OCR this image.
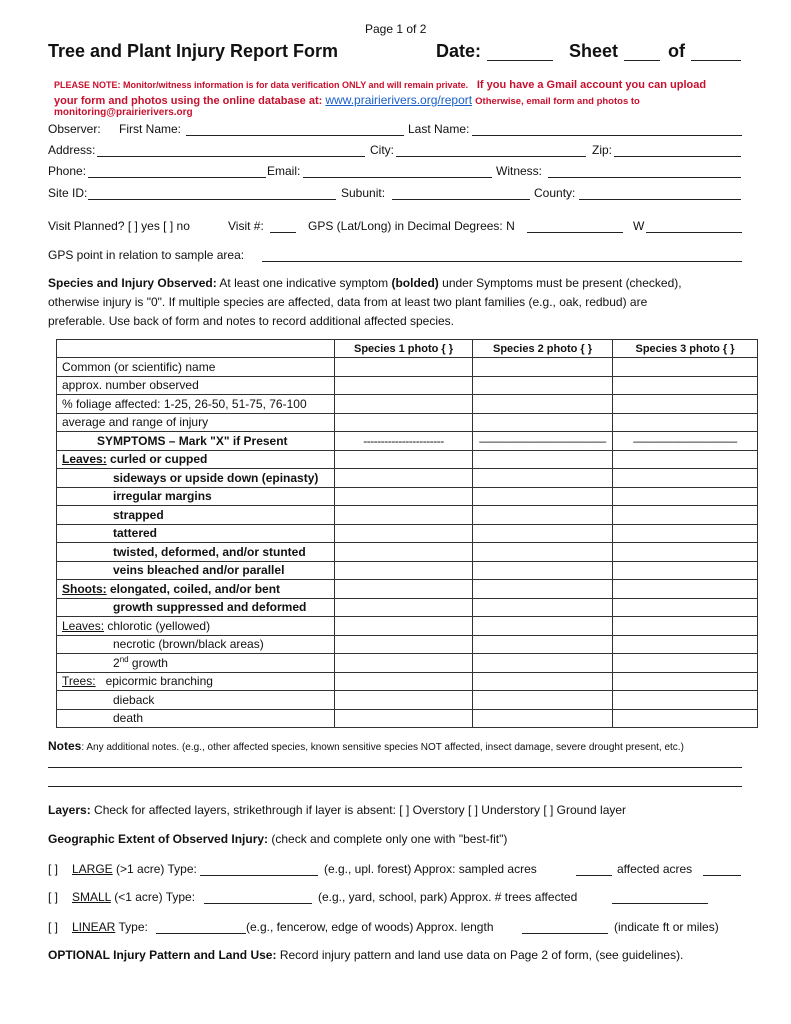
Page 1 of 2
Tree and Plant Injury Report Form	Date:	Sheet	of
PLEASE NOTE: Monitor/witness information is for data verification ONLY and will remain private. If you have a Gmail account you can upload
your form and photos using the online database at: www.prairierivers.org/report Otherwise, email form and photos to
monitoring@prairierivers.org
Observer: First Name:	Last Name:
Address:	City:	Zip:
Phone:	Email:	Witness:
Site ID:	Subunit:	County:
Visit Planned? [ ] yes [ ] no	Visit #:	GPS (Lat/Long) in Decimal Degrees: N	W
GPS point in relation to sample area:
Species and Injury Observed: At least one indicative symptom (bolded) under Symptoms must be present (checked),
otherwise injury is "0". If multiple species are affected, data from at least two plant families (e.g., oak, redbud) are
preferable. Use back of form and notes to record additional affected species.
	Species 1 photo { }	Species 2 photo { }	Species 3 photo { }
Common (or scientific) name			
approx. number observed			
% foliage affected: 1-25, 26-50, 51-75, 76-100			
average and range of injury			
SYMPTOMS – Mark "X" if Present	-----------------------	———————————	—————————
Leaves: curled or cupped			
sideways or upside down (epinasty)			
irregular margins			
strapped			
tattered			
twisted, deformed, and/or stunted			
veins bleached and/or parallel			
Shoots: elongated, coiled, and/or bent			
growth suppressed and deformed			
Leaves: chlorotic (yellowed)			
necrotic (brown/black areas)			
2nd growth			
Trees: epicormic branching			
dieback			
death			
Notes: Any additional notes. (e.g., other affected species, known sensitive species NOT affected, insect damage, severe drought present, etc.)
Layers: Check for affected layers, strikethrough if layer is absent: [ ] Overstory [ ] Understory [ ] Ground layer
Geographic Extent of Observed Injury: (check and complete only one with "best-fit")
[ ] LARGE (>1 acre) Type:	(e.g., upl. forest) Approx: sampled acres	affected acres
[ ] SMALL (<1 acre) Type:	(e.g., yard, school, park) Approx. # trees affected
[ ] LINEAR Type:	(e.g., fencerow, edge of woods) Approx. length	(indicate ft or miles)
OPTIONAL Injury Pattern and Land Use: Record injury pattern and land use data on Page 2 of form, (see guidelines).
